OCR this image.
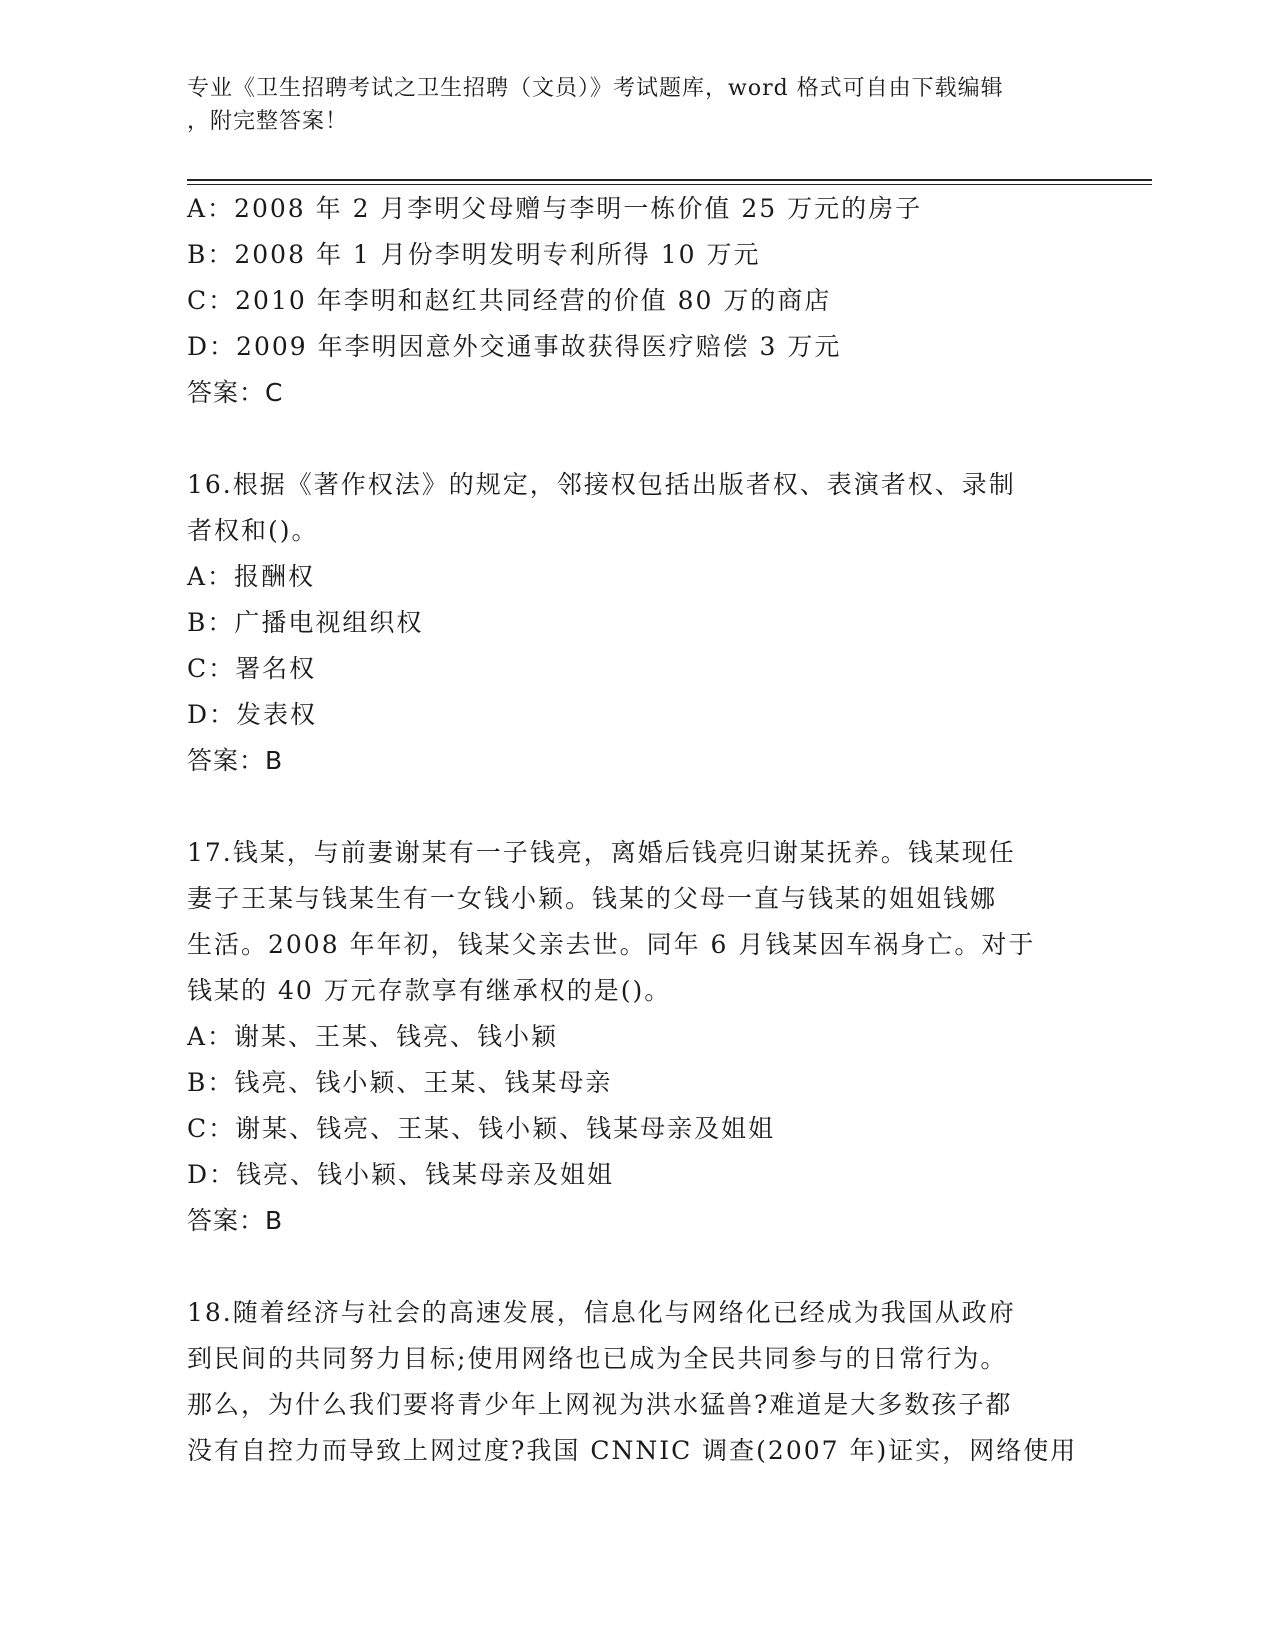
专业《卫生招聘考试之卫生招聘（文员）》考试题库，word 格式可自由下载编辑
，附完整答案！
A：2008 年 2 月李明父母赠与李明一栋价值 25 万元的房子
B：2008 年 1 月份李明发明专利所得 10 万元
C：2010 年李明和赵红共同经营的价值 80 万的商店
D：2009 年李明因意外交通事故获得医疗赔偿 3 万元
答案：C
16.根据《著作权法》的规定，邻接权包括出版者权、表演者权、录制
者权和()。
A：报酬权
B：广播电视组织权
C：署名权
D：发表权
答案：B
17.钱某，与前妻谢某有一子钱亮，离婚后钱亮归谢某抚养。钱某现任
妻子王某与钱某生有一女钱小颖。钱某的父母一直与钱某的姐姐钱娜
生活。2008 年年初，钱某父亲去世。同年 6 月钱某因车祸身亡。对于
钱某的 40 万元存款享有继承权的是()。
A：谢某、王某、钱亮、钱小颖
B：钱亮、钱小颖、王某、钱某母亲
C：谢某、钱亮、王某、钱小颖、钱某母亲及姐姐
D：钱亮、钱小颖、钱某母亲及姐姐
答案：B
18.随着经济与社会的高速发展，信息化与网络化已经成为我国从政府
到民间的共同努力目标;使用网络也已成为全民共同参与的日常行为。
那么，为什么我们要将青少年上网视为洪水猛兽?难道是大多数孩子都
没有自控力而导致上网过度?我国 CNNIC 调查(2007 年)证实，网络使用
